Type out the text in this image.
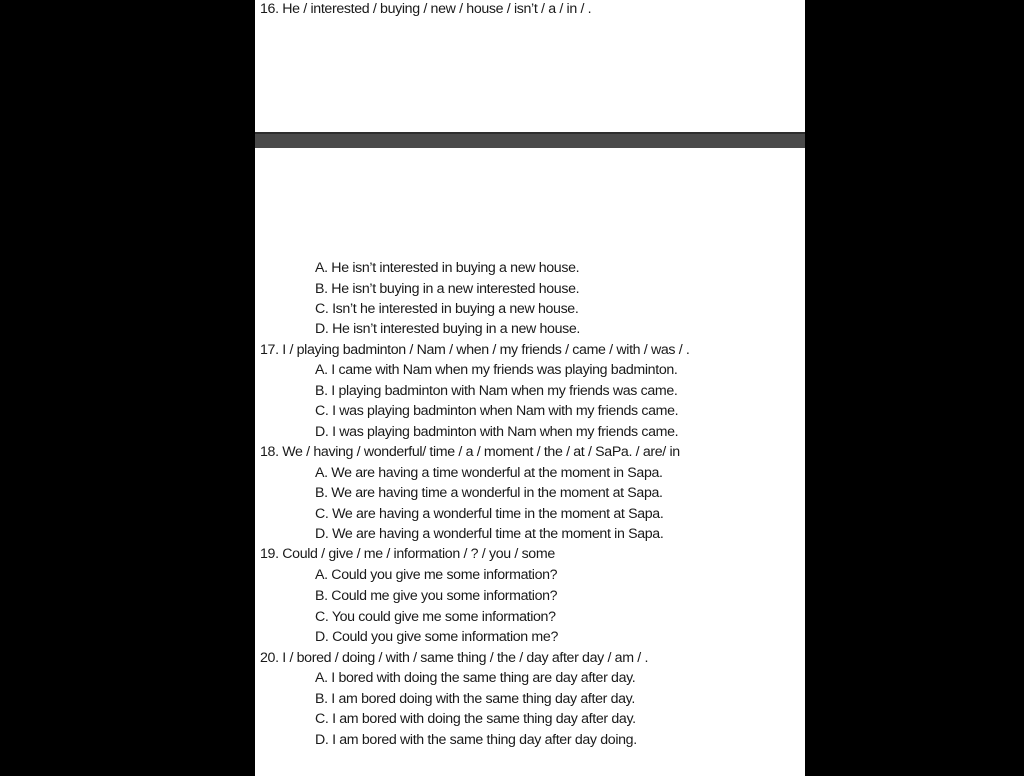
16. He / interested / buying / new / house / isn’t / a / in / .
A. He isn’t interested in buying a new house.
B. He isn’t buying in a new interested house.
C. Isn’t he interested in buying a new house.
D. He isn’t interested buying in a new house.
17. I / playing badminton / Nam / when / my friends / came / with / was / .
A. I came with Nam when my friends was playing badminton.
B. I playing badminton with Nam when my friends was came.
C. I was playing badminton when Nam with my friends came.
D. I was playing badminton with Nam when my friends came.
18. We / having / wonderful/ time / a / moment / the / at / SaPa. / are/ in
A. We are having a time wonderful at the moment in Sapa.
B. We are having time a wonderful in the moment at Sapa.
C. We are having a wonderful time in the moment at Sapa.
D. We are having a wonderful time at the moment in Sapa.
19. Could / give / me / information / ? / you / some
A. Could you give me some information?
B. Could me give you some information?
C. You could give me some information?
D. Could you give some information me?
20. I / bored / doing / with / same thing / the / day after day / am / .
A. I bored with doing the same thing are day after day.
B. I am bored doing with the same thing day after day.
C. I am bored with doing the same thing day after day.
D. I am bored with the same thing day after day doing.
